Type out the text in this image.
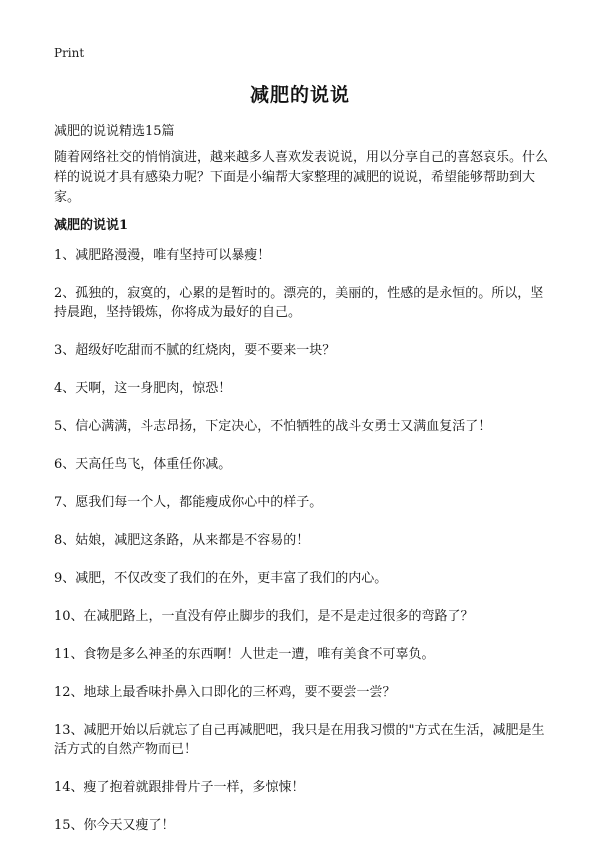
Print
减肥的说说
减肥的说说精选15篇
随着网络社交的悄悄演进，越来越多人喜欢发表说说，用以分享自己的喜怒哀乐。什么样的说说才具有感染力呢？下面是小编帮大家整理的减肥的说说，希望能够帮助到大家。
减肥的说说1
1、减肥路漫漫，唯有坚持可以暴瘦！
2、孤独的，寂寞的，心累的是暂时的。漂亮的，美丽的，性感的是永恒的。所以，坚持晨跑，坚持锻炼，你将成为最好的自己。
3、超级好吃甜而不腻的红烧肉，要不要来一块？
4、天啊，这一身肥肉，惊恐！
5、信心满满，斗志昂扬，下定决心，不怕牺牲的战斗女勇士又满血复活了！
6、天高任鸟飞，体重任你减。
7、愿我们每一个人，都能瘦成你心中的样子。
8、姑娘，减肥这条路，从来都是不容易的！
9、减肥，不仅改变了我们的在外，更丰富了我们的内心。
10、在减肥路上，一直没有停止脚步的我们，是不是走过很多的弯路了？
11、食物是多么神圣的东西啊！人世走一遭，唯有美食不可辜负。
12、地球上最香味扑鼻入口即化的三杯鸡，要不要尝一尝？
13、减肥开始以后就忘了自己再减肥吧，我只是在用我习惯的"方式在生活，减肥是生活方式的自然产物而已！
14、瘦了抱着就跟排骨片子一样，多惊悚！
15、你今天又瘦了！
